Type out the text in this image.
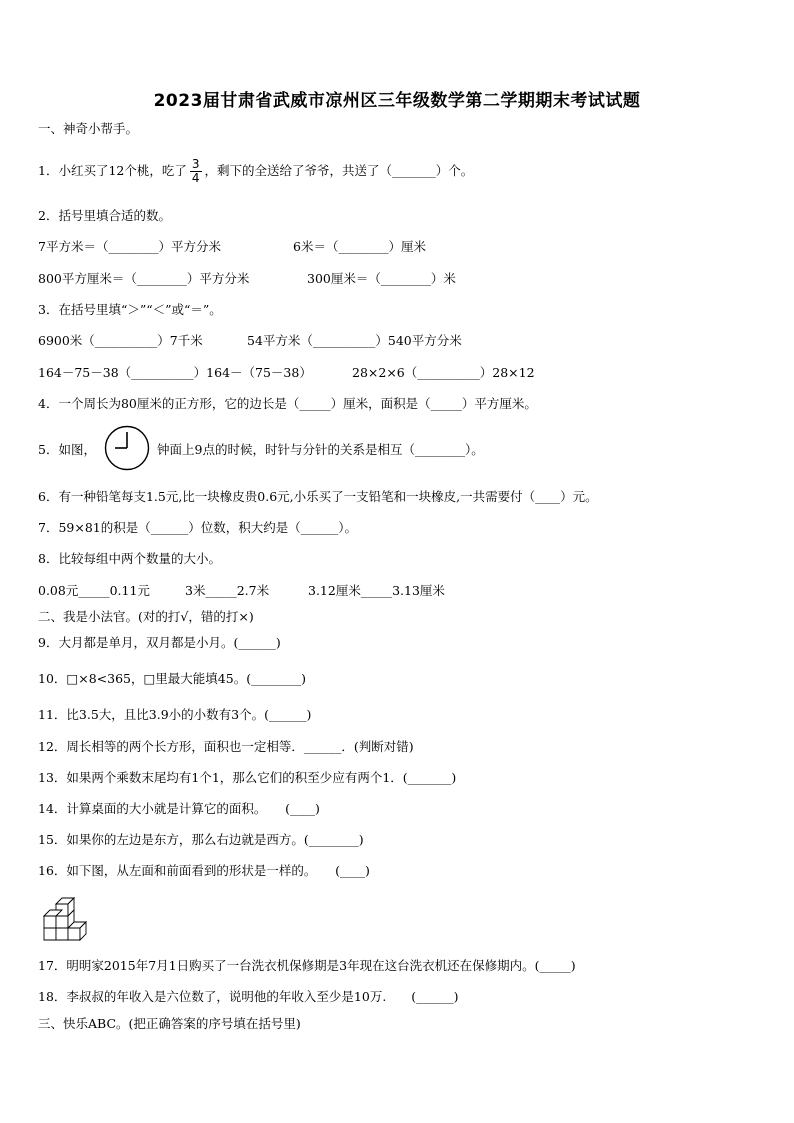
2023届甘肃省武威市凉州区三年级数学第二学期期末考试试题
一、神奇小帮手。
1．小红买了12个桃，吃了 $\frac{3}{4}$ ，剩下的全送给了爷爷，共送了（_______）个。
2．括号里填合适的数。
7平方米＝（________）平方分米	6米＝（________）厘米
800平方厘米＝（________）平方分米	300厘米＝（________）米
3．在括号里填“＞”“＜”或“＝”。
6900米（__________）7千米	54平方米（__________）540平方分米
164－75－38（__________）164－（75－38）	28×2×6（__________）28×12
4．一个周长为80厘米的正方形，它的边长是（_____）厘米，面积是（_____）平方厘米。
5．如图，	钟面上9点的时候，时针与分针的关系是相互（________）。
6．有一种铅笔每支1.5元,比一块橡皮贵0.6元,小乐买了一支铅笔和一块橡皮,一共需要付（____）元。
7．59×81的积是（______）位数，积大约是（______）。
8．比较每组中两个数量的大小。
0.08元_____0.11元	3米_____2.7米	3.12厘米_____3.13厘米
二、我是小法官。(对的打√，错的打×)
9．大月都是单月，双月都是小月。(______)
10．□×8<365，□里最大能填45。(________)
11．比3.5大，且比3.9小的小数有3个。(______)
12．周长相等的两个长方形，面积也一定相等．______．(判断对错)
13．如果两个乘数末尾均有1个1，那么它们的积至少应有两个1．(_______)
14．计算桌面的大小就是计算它的面积。　　(____)
15．如果你的左边是东方，那么右边就是西方。(________)
16．如下图，从左面和前面看到的形状是一样的。　　(____)
17．明明家2015年7月1日购买了一台洗衣机保修期是3年现在这台洗衣机还在保修期内。(_____)
18．李叔叔的年收入是六位数了，说明他的年收入至少是10万.　　(______)
三、快乐ABC。(把正确答案的序号填在括号里)
